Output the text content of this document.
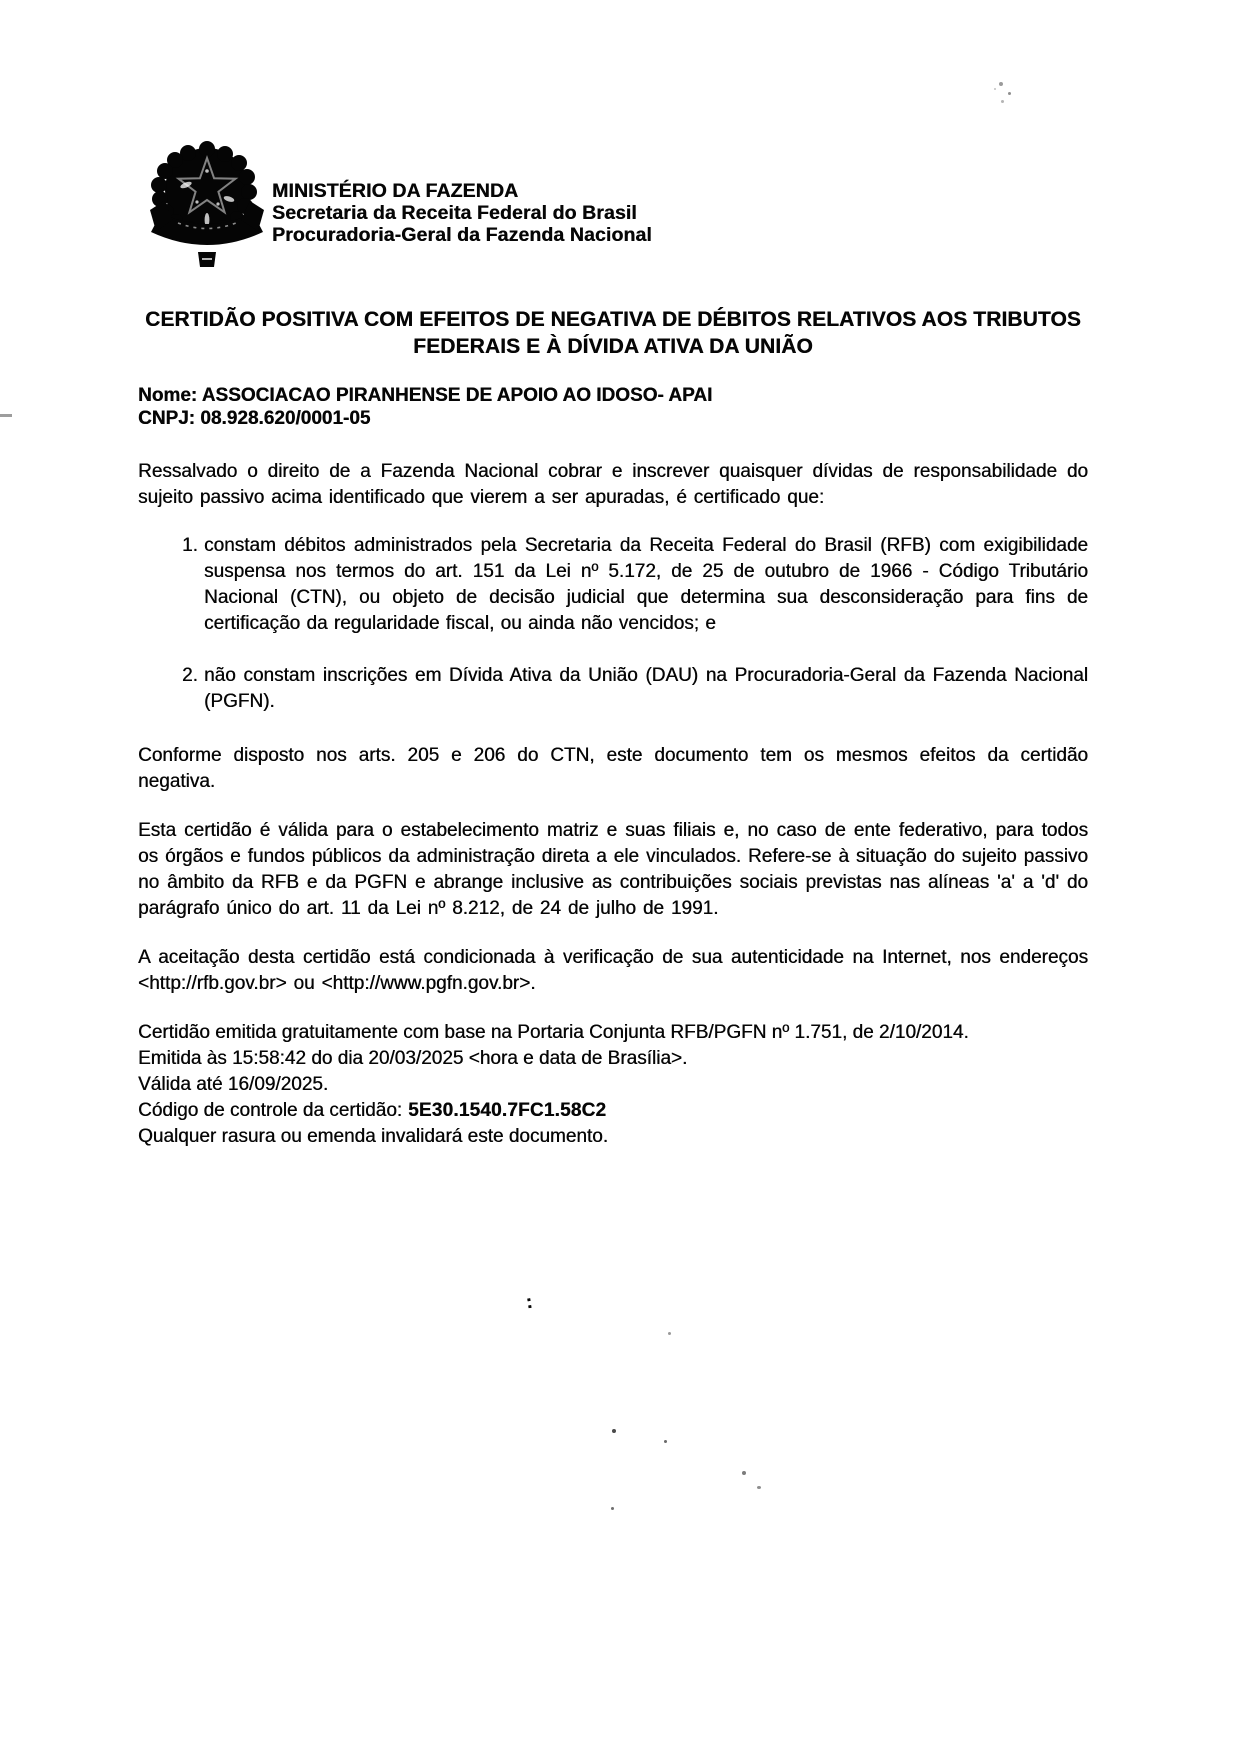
MINISTÉRIO DA FAZENDA
Secretaria da Receita Federal do Brasil
Procuradoria-Geral da Fazenda Nacional
CERTIDÃO POSITIVA COM EFEITOS DE NEGATIVA DE DÉBITOS RELATIVOS AOS TRIBUTOS
FEDERAIS E À DÍVIDA ATIVA DA UNIÃO
Nome: ASSOCIACAO PIRANHENSE DE APOIO AO IDOSO- APAI
CNPJ: 08.928.620/0001-05
Ressalvado o direito de a Fazenda Nacional cobrar e inscrever quaisquer dívidas de responsabilidade do sujeito passivo acima identificado que vierem a ser apuradas, é certificado que:
1. constam débitos administrados pela Secretaria da Receita Federal do Brasil (RFB) com exigibilidade suspensa nos termos do art. 151 da Lei nº 5.172, de 25 de outubro de 1966 - Código Tributário Nacional (CTN), ou objeto de decisão judicial que determina sua desconsideração para fins de certificação da regularidade fiscal, ou ainda não vencidos; e
2. não constam inscrições em Dívida Ativa da União (DAU) na Procuradoria-Geral da Fazenda Nacional (PGFN).
Conforme disposto nos arts. 205 e 206 do CTN, este documento tem os mesmos efeitos da certidão negativa.
Esta certidão é válida para o estabelecimento matriz e suas filiais e, no caso de ente federativo, para todos os órgãos e fundos públicos da administração direta a ele vinculados. Refere-se à situação do sujeito passivo no âmbito da RFB e da PGFN e abrange inclusive as contribuições sociais previstas nas alíneas 'a' a 'd' do parágrafo único do art. 11 da Lei nº 8.212, de 24 de julho de 1991.
A aceitação desta certidão está condicionada à verificação de sua autenticidade na Internet, nos endereços <http://rfb.gov.br> ou <http://www.pgfn.gov.br>.
Certidão emitida gratuitamente com base na Portaria Conjunta RFB/PGFN nº 1.751, de 2/10/2014.
Emitida às 15:58:42 do dia 20/03/2025 <hora e data de Brasília>.
Válida até 16/09/2025.
Código de controle da certidão: 5E30.1540.7FC1.58C2
Qualquer rasura ou emenda invalidará este documento.
:
